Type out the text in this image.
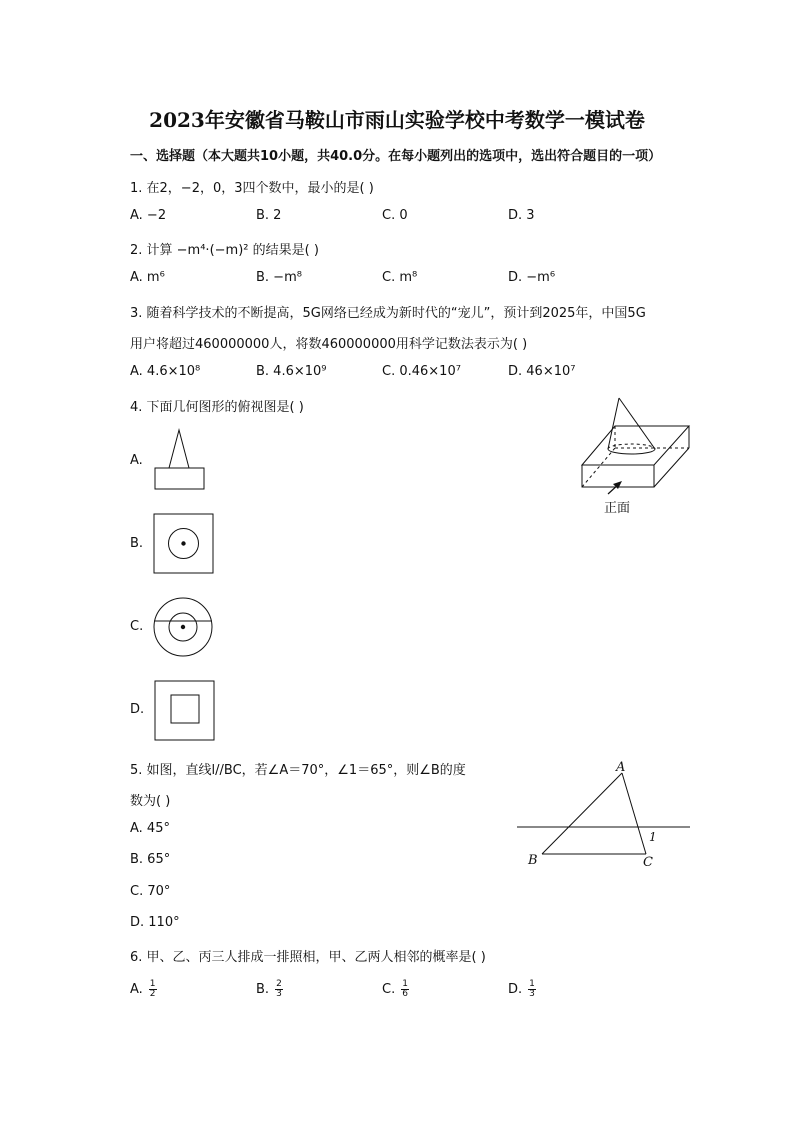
2023年安徽省马鞍山市雨山实验学校中考数学一模试卷
一、选择题（本大题共10小题，共40.0分。在每小题列出的选项中，选出符合题目的一项）
1. 在2，−2，0，3四个数中，最小的是( )
A. −2	B. 2	C. 0	D. 3
2. 计算 −m⁴·(−m)² 的结果是( )
A. m⁶	B. −m⁸	C. m⁸	D. −m⁶
3. 随着科学技术的不断提高，5G网络已经成为新时代的“宠儿”，预计到2025年，中国5G
用户将超过460000000人，将数460000000用科学记数法表示为( )
A. 4.6×10⁸	B. 4.6×10⁹	C. 0.46×10⁷	D. 46×10⁷
4. 下面几何图形的俯视图是( )
A.
B.
C.
D.
正面
5. 如图，直线l//BC，若∠A＝70°，∠1＝65°，则∠B的度
数为( )
A. 45°
B. 65°
C. 70°
D. 110°
A
B	C
1
6. 甲、乙、丙三人排成一排照相，甲、乙两人相邻的概率是( )
A. $\frac{1}{2}$	B. $\frac{2}{3}$	C. $\frac{1}{6}$	D. $\frac{1}{3}$
